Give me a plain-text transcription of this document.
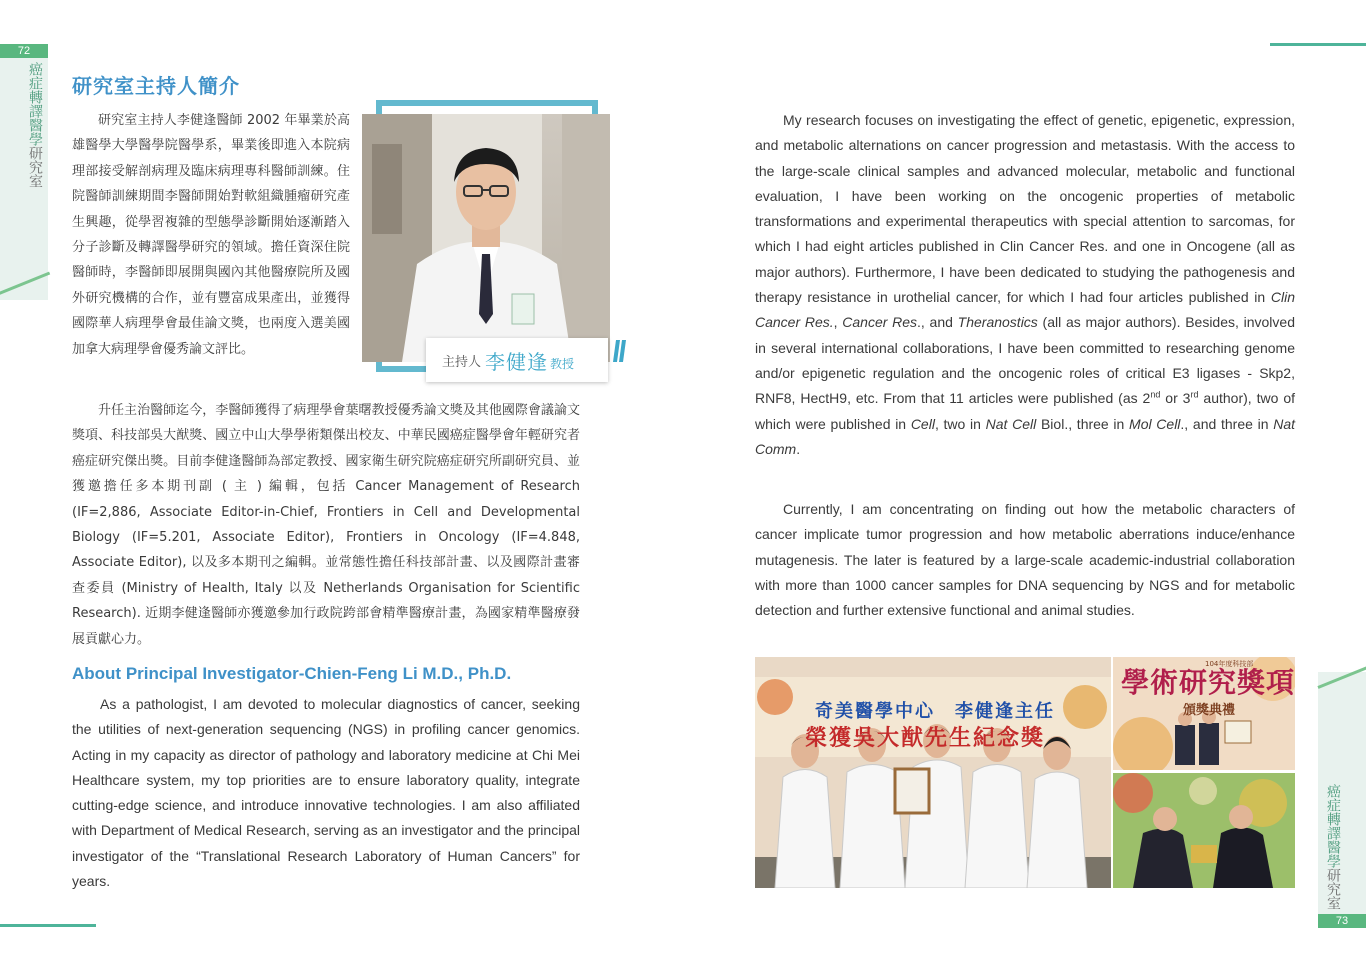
72
癌症轉譯醫學研究室
73
癌症轉譯醫學研究室
研究室主持人簡介

研究室主持人李健逢醫師 2002 年畢業於高雄醫學大學醫學院醫學系，畢業後即進入本院病理部接受解剖病理及臨床病理專科醫師訓練。住院醫師訓練期間李醫師開始對軟組織腫瘤研究產生興趣，從學習複雜的型態學診斷開始逐漸踏入分子診斷及轉譯醫學研究的領域。擔任資深住院醫師時，李醫師即展開與國內其他醫療院所及國外研究機構的合作，並有豐富成果產出，並獲得國際華人病理學會最佳論文獎，也兩度入選美國加拿大病理學會優秀論文評比。

主持人 李健逢 教授

升任主治醫師迄今，李醫師獲得了病理學會葉曙教授優秀論文獎及其他國際會議論文獎項、科技部吳大猷獎、國立中山大學學術類傑出校友、中華民國癌症醫學會年輕研究者癌症研究傑出獎。目前李健逢醫師為部定教授、國家衛生研究院癌症研究所副研究員、並獲邀擔任多本期刊副 ( 主 ) 編輯，包括 Cancer Management of Research (IF=2,886, Associate Editor-in-Chief, Frontiers in Cell and Developmental Biology (IF=5.201, Associate Editor), Frontiers in Oncology (IF=4.848, Associate Editor), 以及多本期刊之編輯。並常態性擔任科技部計畫、以及國際計畫審查委員 (Ministry of Health, Italy 以及 Netherlands Organisation for Scientific Research). 近期李健逢醫師亦獲邀參加行政院跨部會精準醫療計畫，為國家精準醫療發展貢獻心力。

About Principal Investigator-Chien-Feng Li M.D., Ph.D.

As a pathologist, I am devoted to molecular diagnostics of cancer, seeking the utilities of next-generation sequencing (NGS) in profiling cancer genomics. Acting in my capacity as director of pathology and laboratory medicine at Chi Mei Healthcare system, my top priorities are to ensure laboratory quality, integrate cutting-edge science, and introduce innovative technologies. I am also affiliated with Department of Medical Research, serving as an investigator and the principal investigator of the “Translational Research Laboratory of Human Cancers” for years.

My research focuses on investigating the effect of genetic, epigenetic, expression, and metabolic alternations on cancer progression and metastasis. With the access to the large-scale clinical samples and advanced molecular, metabolic and functional evaluation, I have been working on the oncogenic properties of metabolic transformations and experimental therapeutics with special attention to sarcomas, for which I had eight articles published in Clin Cancer Res. and one in Oncogene (all as major authors). Furthermore, I have been dedicated to studying the pathogenesis and therapy resistance in urothelial cancer, for which I had four articles published in Clin Cancer Res., Cancer Res., and Theranostics (all as major authors). Besides, involved in several international collaborations, I have been committed to researching genome and/or epigenetic regulation and the oncogenic roles of critical E3 ligases - Skp2, RNF8, HectH9, etc. From that 11 articles were published (as 2nd or 3rd author), two of which were published in Cell, two in Nat Cell Biol., three in Mol Cell., and three in Nat Comm.

Currently, I am concentrating on finding out how the metabolic characters of cancer implicate tumor progression and how metabolic aberrations induce/enhance mutagenesis. The later is featured by a large-scale academic-industrial collaboration with more than 1000 cancer samples for DNA sequencing by NGS and for metabolic detection and further extensive functional and animal studies.

奇美醫學中心　李健逢主任
榮獲吳大猷先生紀念獎
104年度科技部
學術研究獎項
頒獎典禮
